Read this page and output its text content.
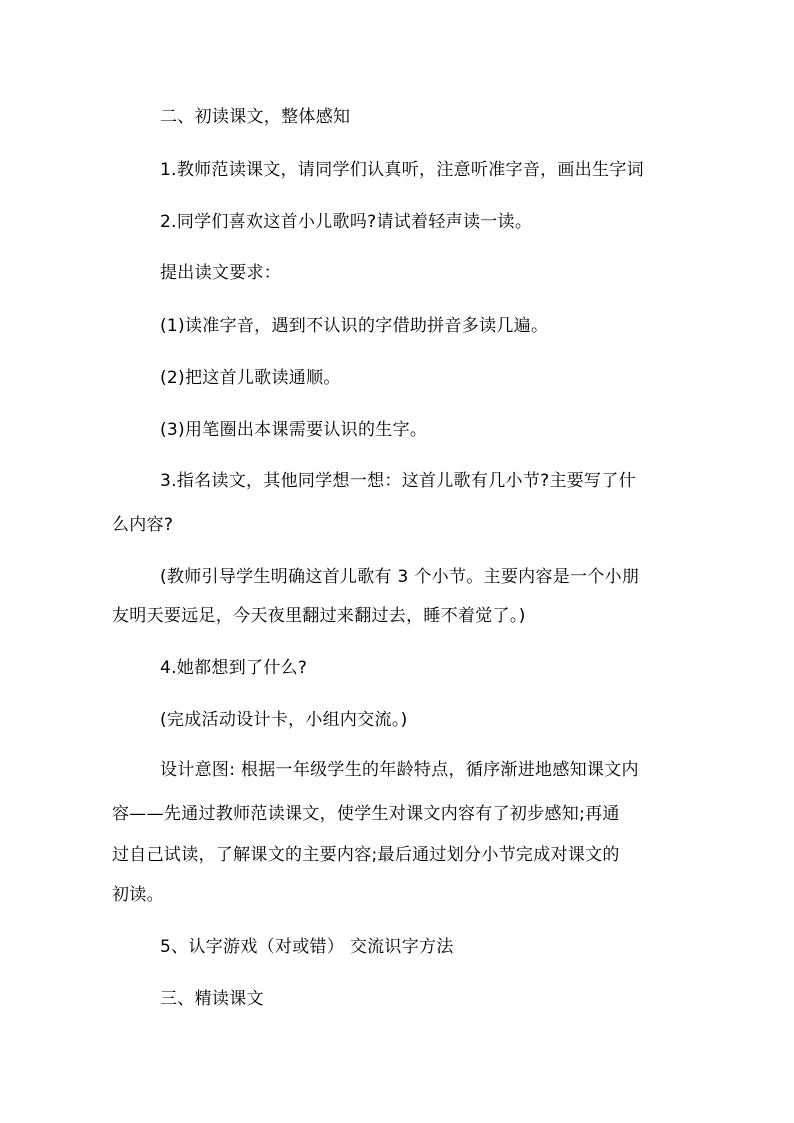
二、初读课文，整体感知
1.教师范读课文，请同学们认真听，注意听准字音，画出生字词
2.同学们喜欢这首小儿歌吗?请试着轻声读一读。
提出读文要求：
(1)读准字音，遇到不认识的字借助拼音多读几遍。
(2)把这首儿歌读通顺。
(3)用笔圈出本课需要认识的生字。
3.指名读文，其他同学想一想：这首儿歌有几小节?主要写了什
么内容?
(教师引导学生明确这首儿歌有 3 个小节。主要内容是一个小朋
友明天要远足，今天夜里翻过来翻过去，睡不着觉了。)
4.她都想到了什么?
(完成活动设计卡，小组内交流。)
设计意图: 根据一年级学生的年龄特点，循序渐进地感知课文内
容——先通过教师范读课文，使学生对课文内容有了初步感知;再通
过自己试读，了解课文的主要内容;最后通过划分小节完成对课文的
初读。
5、认字游戏（对或错） 交流识字方法
三、精读课文
